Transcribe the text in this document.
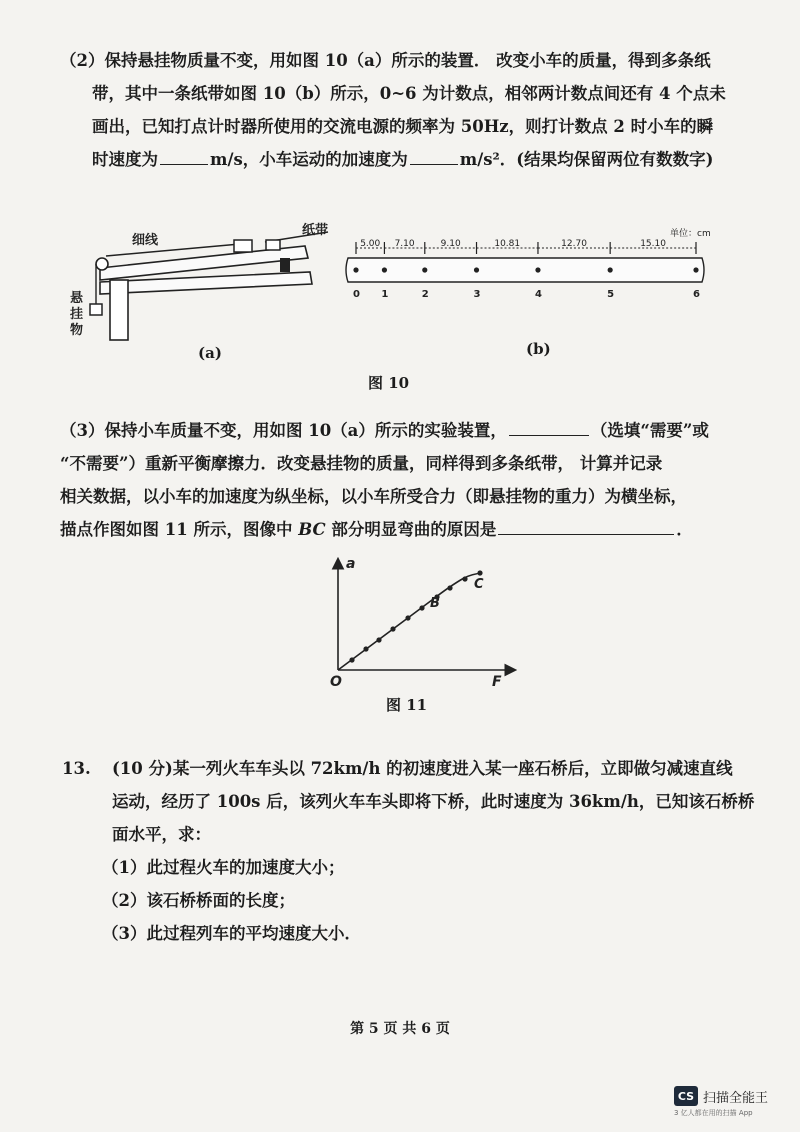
（2）保持悬挂物质量不变，用如图 10（a）所示的装置． 改变小车的质量，得到多条纸
带，其中一条纸带如图 10（b）所示，0~6 为计数点，相邻两计数点间还有 4 个点未
画出，已知打点计时器所使用的交流电源的频率为 50Hz，则打计数点 2 时小车的瞬
时速度为	m/s，小车运动的加速度为	m/s²．(结果均保留两位有数数字)
细线
纸带
悬
挂
物
(a)
单位：cm
5.00 7.10	9.10	10.81	12.70	15.10
0 1	2	3	4	5	6
(b)
图 10
（3）保持小车质量不变，用如图 10（a）所示的实验装置，	（选填“需要”或
“不需要”）重新平衡摩擦力．改变悬挂物的质量，同样得到多条纸带， 计算并记录
相关数据，以小车的加速度为纵坐标，以小车所受合力（即悬挂物的重力）为横坐标，
描点作图如图 11 所示，图像中 BC 部分明显弯曲的原因是	．
a
F
O
B
C
图 11
13. (10 分)某一列火车车头以 72km/h 的初速度进入某一座石桥后，立即做匀减速直线
运动，经历了 100s 后，该列火车车头即将下桥，此时速度为 36km/h，已知该石桥桥
面水平，求：
（1）此过程火车的加速度大小；
（2）该石桥桥面的长度；
（3）此过程列车的平均速度大小．
第 5 页 共 6 页
CS 扫描全能王
3 亿人都在用的扫描 App
